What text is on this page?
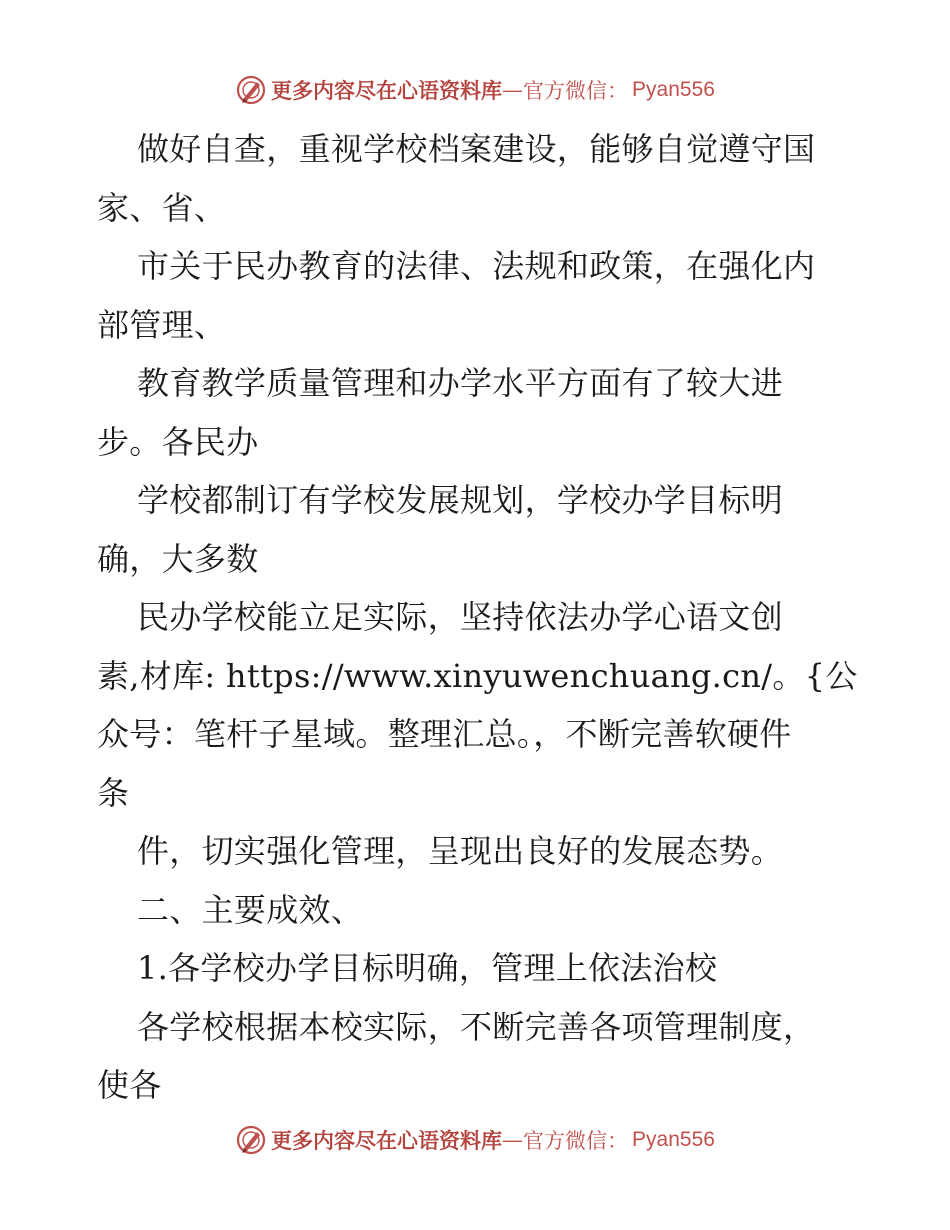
更多内容尽在心语资料库 — 官方微信 ： Pyan556

做好自查，重视学校档案建设，能够自觉遵守国

家、省、

市关于民办教育的法律、法规和政策，在强化内

部管理、

教育教学质量管理和办学水平方面有了较大进

步。各民办

学校都制订有学校发展规划，学校办学目标明

确，大多数

民办学校能立足实际，坚持依法办学心语文创

素,材库: https://www.xinyuwenchuang.cn/。{公

众号：笔杆子星域。整理汇总。，不断完善软硬件

条

件，切实强化管理，呈现出良好的发展态势。

二、主要成效、

1.各学校办学目标明确，管理上依法治校

各学校根据本校实际，不断完善各项管理制度，

使各

更多内容尽在心语资料库 — 官方微信 ： Pyan556
